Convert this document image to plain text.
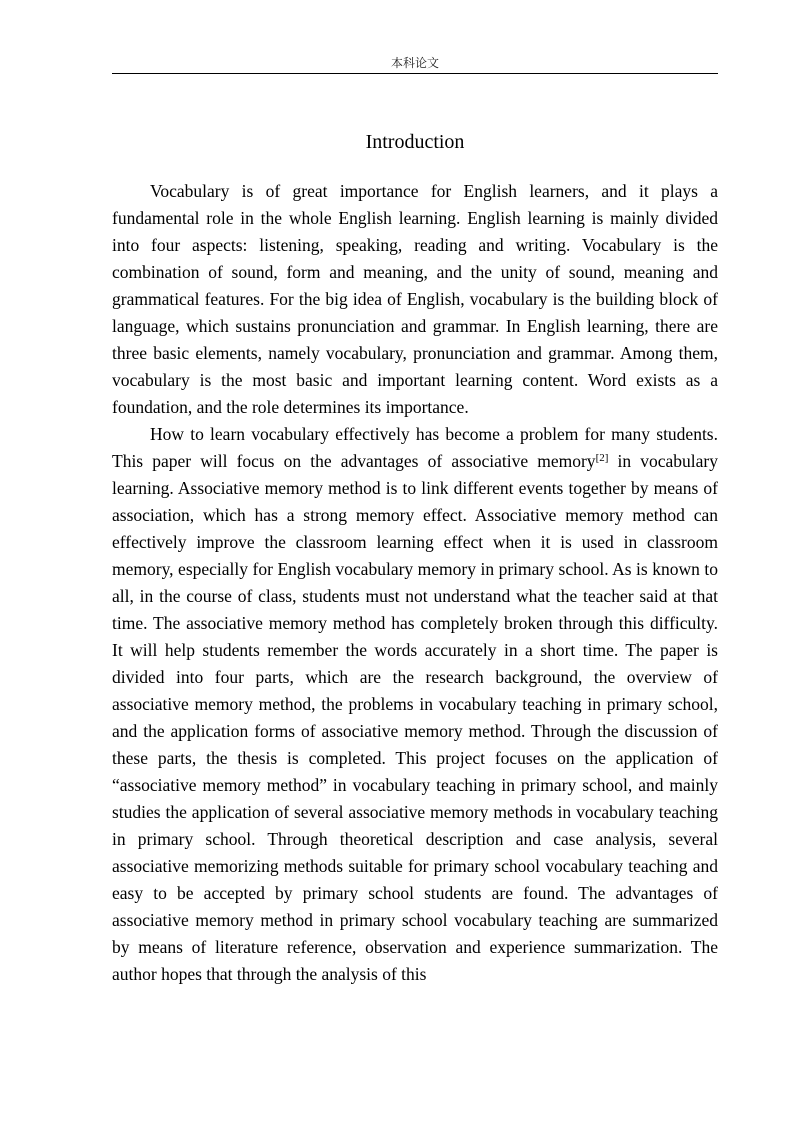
本科论文
Introduction

Vocabulary is of great importance for English learners, and it plays a fundamental role in the whole English learning. English learning is mainly divided into four aspects: listening, speaking, reading and writing. Vocabulary is the combination of sound, form and meaning, and the unity of sound, meaning and grammatical features. For the big idea of English, vocabulary is the building block of language, which sustains pronunciation and grammar. In English learning, there are three basic elements, namely vocabulary, pronunciation and grammar. Among them, vocabulary is the most basic and important learning content. Word exists as a foundation, and the role determines its importance.

How to learn vocabulary effectively has become a problem for many students. This paper will focus on the advantages of associative memory[2] in vocabulary learning. Associative memory method is to link different events together by means of association, which has a strong memory effect. Associative memory method can effectively improve the classroom learning effect when it is used in classroom memory, especially for English vocabulary memory in primary school. As is known to all, in the course of class, students must not understand what the teacher said at that time. The associative memory method has completely broken through this difficulty. It will help students remember the words accurately in a short time. The paper is divided into four parts, which are the research background, the overview of associative memory method, the problems in vocabulary teaching in primary school, and the application forms of associative memory method. Through the discussion of these parts, the thesis is completed. This project focuses on the application of “associative memory method” in vocabulary teaching in primary school, and mainly studies the application of several associative memory methods in vocabulary teaching in primary school. Through theoretical description and case analysis, several associative memorizing methods suitable for primary school vocabulary teaching and easy to be accepted by primary school students are found. The advantages of associative memory method in primary school vocabulary teaching are summarized by means of literature reference, observation and experience summarization. The author hopes that through the analysis of this
